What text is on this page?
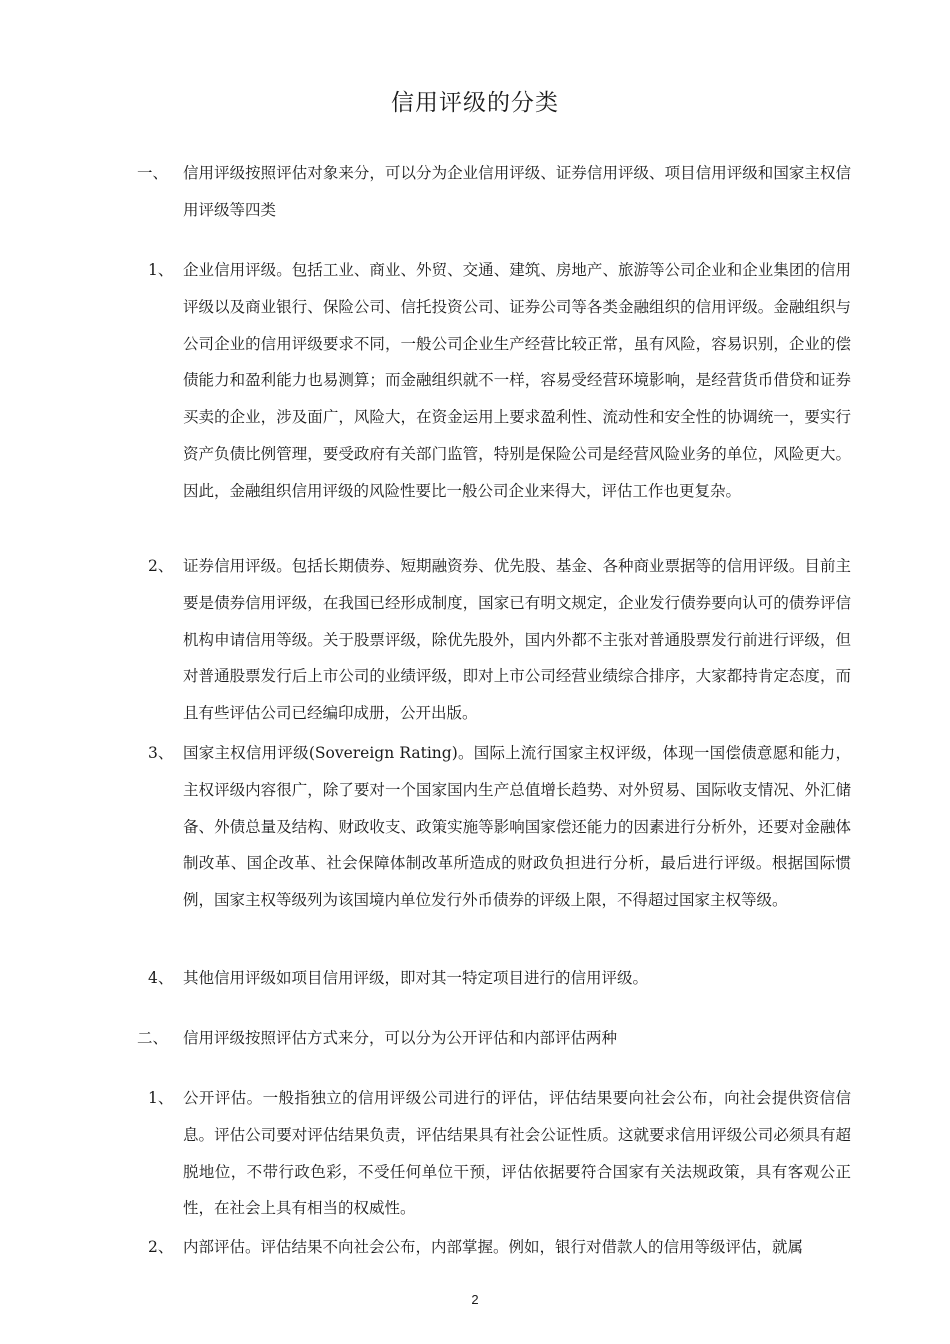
信用评级的分类
一、 信用评级按照评估对象来分，可以分为企业信用评级、证券信用评级、项目信用评级和国家主权信用评级等四类
1、 企业信用评级。包括工业、商业、外贸、交通、建筑、房地产、旅游等公司企业和企业集团的信用评级以及商业银行、保险公司、信托投资公司、证券公司等各类金融组织的信用评级。金融组织与公司企业的信用评级要求不同，一般公司企业生产经营比较正常，虽有风险，容易识别，企业的偿债能力和盈利能力也易测算；而金融组织就不一样，容易受经营环境影响，是经营货币借贷和证券买卖的企业，涉及面广，风险大，在资金运用上要求盈利性、流动性和安全性的协调统一，要实行资产负债比例管理，要受政府有关部门监管，特别是保险公司是经营风险业务的单位，风险更大。因此，金融组织信用评级的风险性要比一般公司企业来得大，评估工作也更复杂。
2、 证券信用评级。包括长期债券、短期融资券、优先股、基金、各种商业票据等的信用评级。目前主要是债券信用评级，在我国已经形成制度，国家已有明文规定，企业发行债券要向认可的债券评信机构申请信用等级。关于股票评级，除优先股外，国内外都不主张对普通股票发行前进行评级，但对普通股票发行后上市公司的业绩评级，即对上市公司经营业绩综合排序，大家都持肯定态度，而且有些评估公司已经编印成册，公开出版。
3、 国家主权信用评级(Sovereign Rating)。国际上流行国家主权评级，体现一国偿债意愿和能力，主权评级内容很广，除了要对一个国家国内生产总值增长趋势、对外贸易、国际收支情况、外汇储备、外债总量及结构、财政收支、政策实施等影响国家偿还能力的因素进行分析外，还要对金融体制改革、国企改革、社会保障体制改革所造成的财政负担进行分析，最后进行评级。根据国际惯例，国家主权等级列为该国境内单位发行外币债券的评级上限，不得超过国家主权等级。
4、 其他信用评级如项目信用评级，即对其一特定项目进行的信用评级。
二、 信用评级按照评估方式来分，可以分为公开评估和内部评估两种
1、 公开评估。一般指独立的信用评级公司进行的评估，评估结果要向社会公布，向社会提供资信信息。评估公司要对评估结果负责，评估结果具有社会公证性质。这就要求信用评级公司必须具有超脱地位，不带行政色彩，不受任何单位干预，评估依据要符合国家有关法规政策，具有客观公正性，在社会上具有相当的权威性。
2、 内部评估。评估结果不向社会公布，内部掌握。例如，银行对借款人的信用等级评估，就属
2
